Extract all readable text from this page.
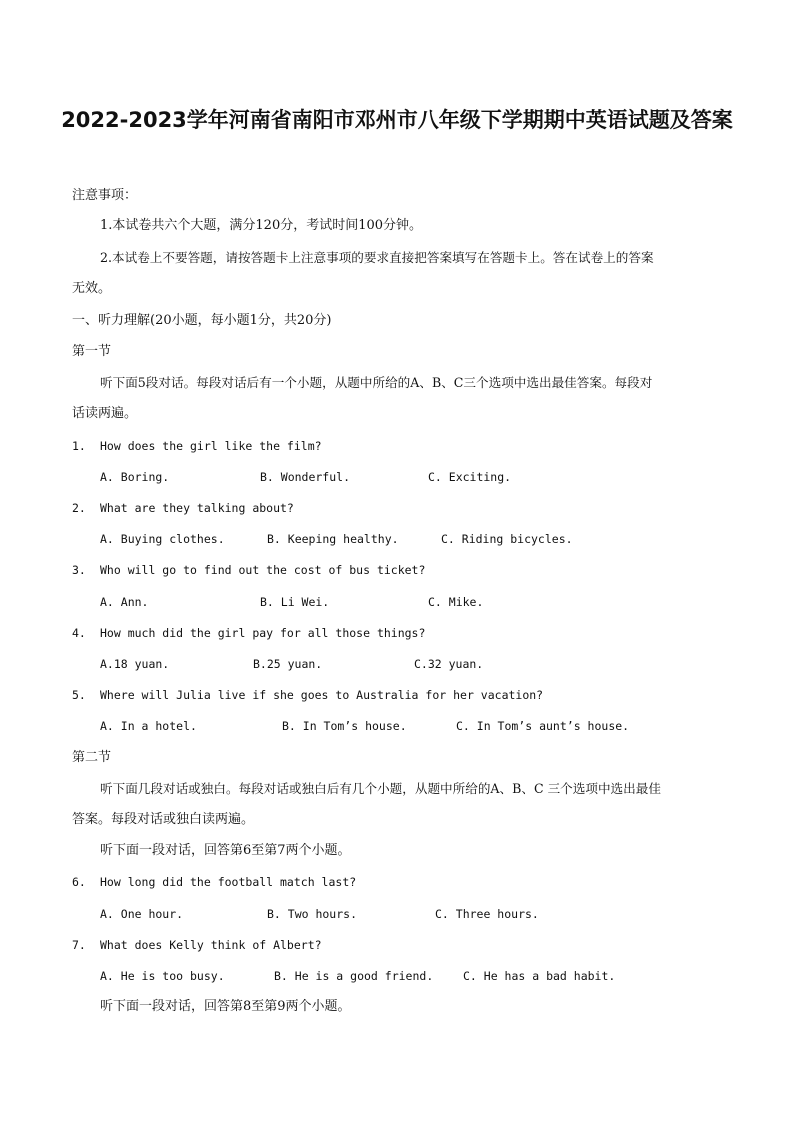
2022-2023学年河南省南阳市邓州市八年级下学期期中英语试题及答案
注意事项：
1.本试卷共六个大题，满分120分，考试时间100分钟。
2.本试卷上不要答题，请按答题卡上注意事项的要求直接把答案填写在答题卡上。答在试卷上的答案
无效。
一、听力理解(20小题，每小题1分，共20分)
第一节
听下面5段对话。每段对话后有一个小题，从题中所给的A、B、C三个选项中选出最佳答案。每段对
话读两遍。
1. How does the girl like the film?
A. Boring.	B. Wonderful.	C. Exciting.
2. What are they talking about?
A. Buying clothes.	B. Keeping healthy.	C. Riding bicycles.
3. Who will go to find out the cost of bus ticket?
A. Ann.	B. Li Wei.	C. Mike.
4. How much did the girl pay for all those things?
A.18 yuan.	B.25 yuan.	C.32 yuan.
5. Where will Julia live if she goes to Australia for her vacation?
A. In a hotel.	B. In Tom’s house.	C. In Tom’s aunt’s house.
第二节
听下面几段对话或独白。每段对话或独白后有几个小题，从题中所给的A、B、C 三个选项中选出最佳
答案。每段对话或独白读两遍。
听下面一段对话，回答第6至第7两个小题。
6. How long did the football match last?
A. One hour.	B. Two hours.	C. Three hours.
7. What does Kelly think of Albert?
A. He is too busy.	B. He is a good friend.	C. He has a bad habit.
听下面一段对话，回答第8至第9两个小题。
